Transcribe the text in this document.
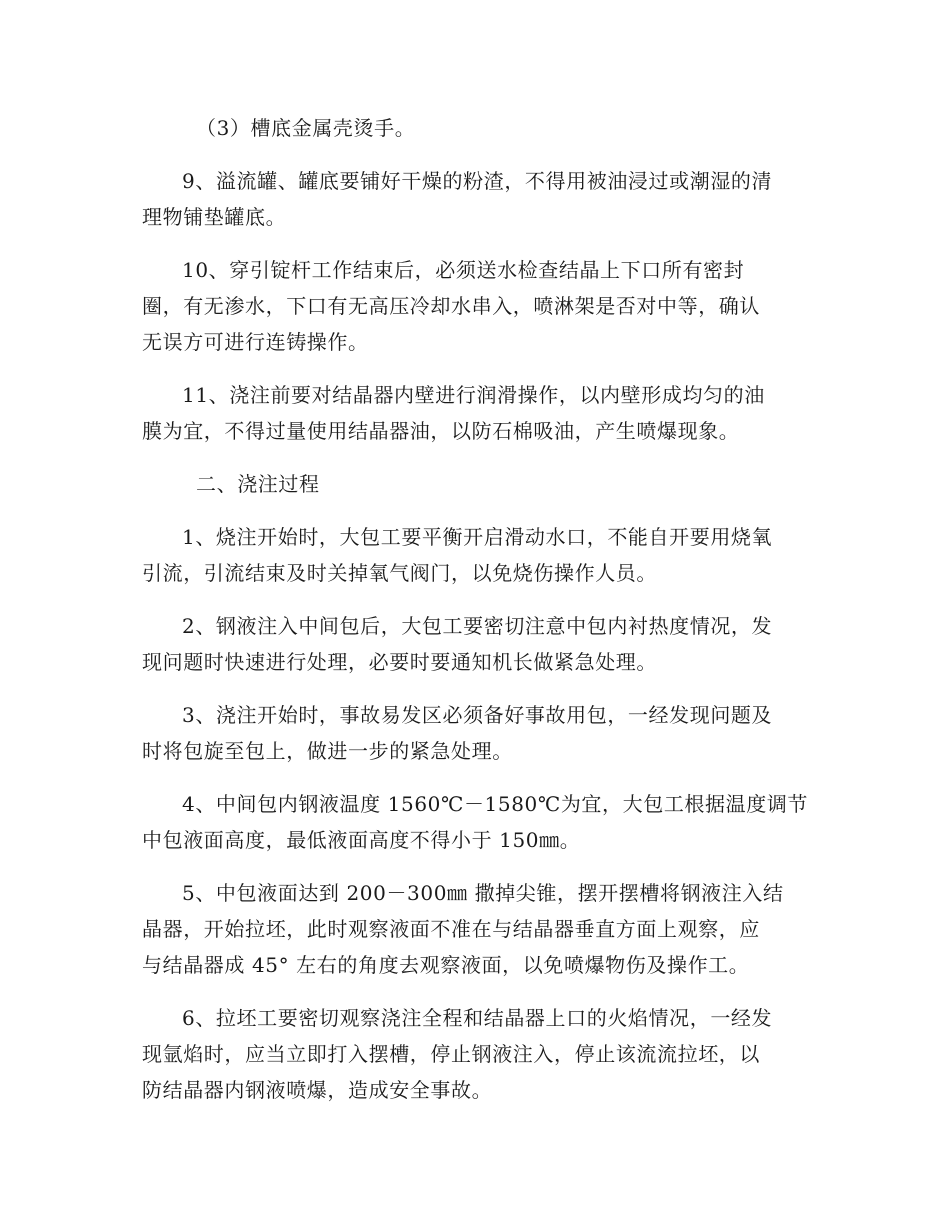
（3）槽底金属壳烫手。
9、溢流罐、罐底要铺好干燥的粉渣，不得用被油浸过或潮湿的清
理物铺垫罐底。
10、穿引锭杆工作结束后，必须送水检查结晶上下口所有密封
圈，有无渗水，下口有无高压冷却水串入，喷淋架是否对中等，确认
无误方可进行连铸操作。
11、浇注前要对结晶器内壁进行润滑操作，以内壁形成均匀的油
膜为宜，不得过量使用结晶器油，以防石棉吸油，产生喷爆现象。
二、浇注过程
1、烧注开始时，大包工要平衡开启滑动水口，不能自开要用烧氧
引流，引流结束及时关掉氧气阀门，以免烧伤操作人员。
2、钢液注入中间包后，大包工要密切注意中包内衬热度情况，发
现问题时快速进行处理，必要时要通知机长做紧急处理。
3、浇注开始时，事故易发区必须备好事故用包，一经发现问题及
时将包旋至包上，做进一步的紧急处理。
4、中间包内钢液温度 1560℃－1580℃为宜，大包工根据温度调节
中包液面高度，最低液面高度不得小于 150㎜。
5、中包液面达到 200－300㎜ 撒掉尖锥，摆开摆槽将钢液注入结
晶器，开始拉坯，此时观察液面不准在与结晶器垂直方面上观察，应
与结晶器成 45° 左右的角度去观察液面，以免喷爆物伤及操作工。
6、拉坯工要密切观察浇注全程和结晶器上口的火焰情况，一经发
现氩焰时，应当立即打入摆槽，停止钢液注入，停止该流流拉坯，以
防结晶器内钢液喷爆，造成安全事故。
